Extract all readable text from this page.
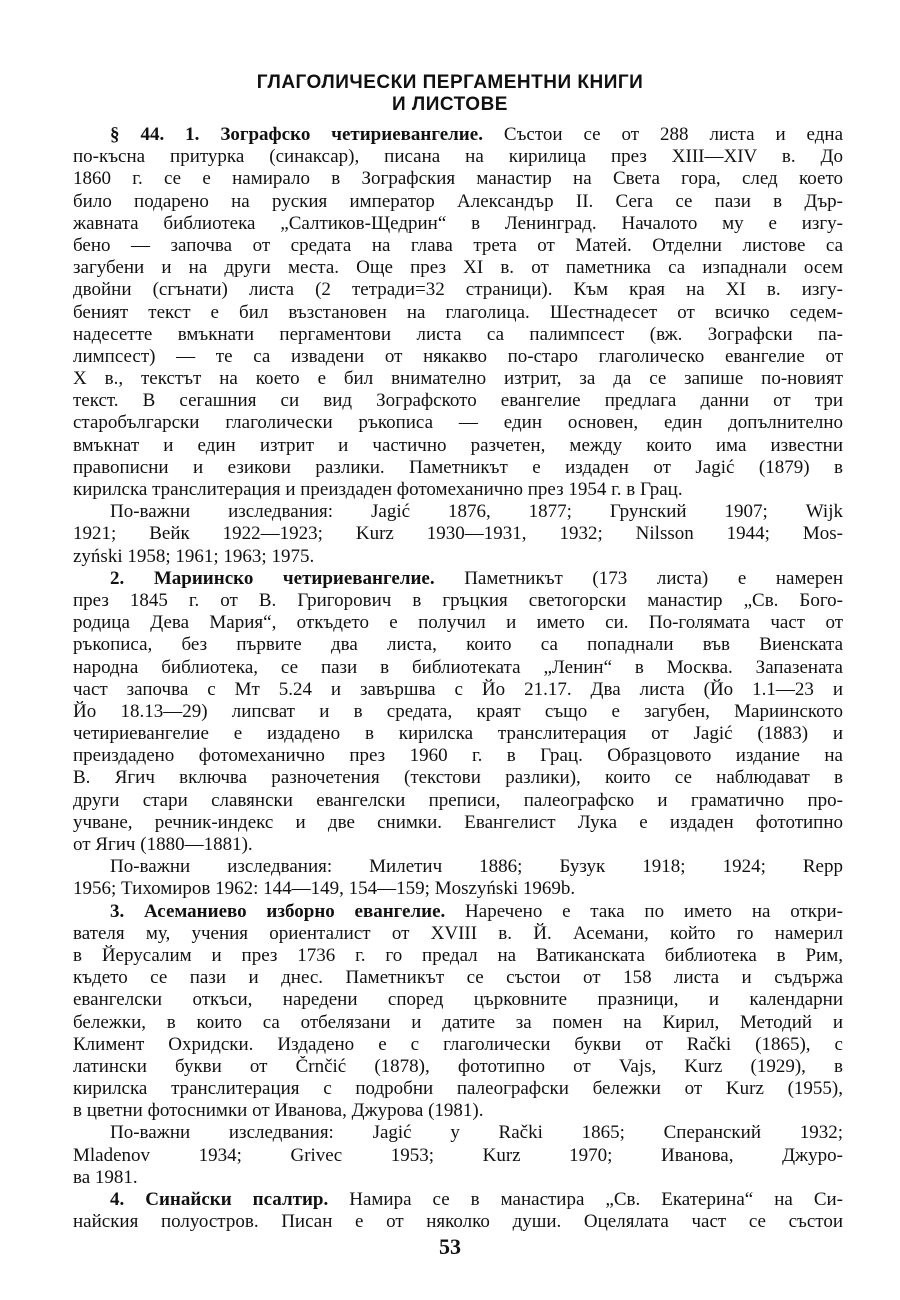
ГЛАГОЛИЧЕСКИ ПЕРГАМЕНТНИ КНИГИ
И ЛИСТОВЕ
§ 44. 1. Зографско четириевангелие. Състои се от 288 листа и една
по-късна притурка (синаксар), писана на кирилица през XIII—XIV в. До
1860 г. се е намирало в Зографския манастир на Света гора, след което
било подарено на руския император Александър II. Сега се пази в Дър-
жавната библиотека „Салтиков-Щедрин“ в Ленинград. Началото му е изгу-
бено — започва от средата на глава трета от Матей. Отделни листове са
загубени и на други места. Още през XI в. от паметника са изпаднали осем
двойни (сгънати) листа (2 тетради=32 страници). Към края на XI в. изгу-
беният текст е бил възстановен на глаголица. Шестнадесет от всичко седем-
надесетте вмъкнати пергаментови листа са палимпсест (вж. Зографски па-
лимпсест) — те са извадени от някакво по-старо глаголическо евангелие от
X в., текстът на което е бил внимателно изтрит, за да се запише по-новият
текст. В сегашния си вид Зографското евангелие предлага данни от три
старобългарски глаголически ръкописа — един основен, един допълнително
вмъкнат и един изтрит и частично разчетен, между които има известни
правописни и езикови разлики. Паметникът е издаден от Jagić (1879) в
кирилска транслитерация и преиздаден фотомеханично през 1954 г. в Грац.
По-важни изследвания: Jagić 1876, 1877; Грунский 1907; Wijk
1921; Вейк 1922—1923; Kurz 1930—1931, 1932; Nilsson 1944; Mos-
zyński 1958; 1961; 1963; 1975.
2. Мариинско четириевангелие. Паметникът (173 листа) е намерен
през 1845 г. от В. Григорович в гръцкия светогорски манастир „Св. Бого-
родица Дева Мария“, откъдето е получил и името си. По-голямата част от
ръкописа, без първите два листа, които са попаднали във Виенската
народна библиотека, се пази в библиотеката „Ленин“ в Москва. Запазената
част започва с Мт 5.24 и завършва с Йо 21.17. Два листа (Йо 1.1—23 и
Йо 18.13—29) липсват и в средата, краят също е загубен, Мариинското
четириевангелие е издадено в кирилска транслитерация от Jagić (1883) и
преиздадено фотомеханично през 1960 г. в Грац. Образцовото издание на
В. Ягич включва разночетения (текстови разлики), които се наблюдават в
други стари славянски евангелски преписи, палеографско и граматично про-
учване, речник-индекс и две снимки. Евангелист Лука е издаден фототипно
от Ягич (1880—1881).
По-важни изследвания: Милетич 1886; Бузук 1918; 1924; Repp
1956; Тихомиров 1962: 144—149, 154—159; Moszyński 1969b.
3. Асеманиево изборно евангелие. Наречено е така по името на откри-
вателя му, учения ориенталист от XVIII в. Й. Асемани, който го намерил
в Йерусалим и през 1736 г. го предал на Ватиканската библиотека в Рим,
където се пази и днес. Паметникът се състои от 158 листа и съдържа
евангелски откъси, наредени според църковните празници, и календарни
бележки, в които са отбелязани и датите за помен на Кирил, Методий и
Климент Охридски. Издадено е с глаголически букви от Rački (1865), с
латински букви от Črnčić (1878), фототипно от Vajs, Kurz (1929), в
кирилска транслитерация с подробни палеографски бележки от Kurz (1955),
в цветни фотоснимки от Иванова, Джурова (1981).
По-важни изследвания: Jagić у Rački 1865; Сперанский 1932;
Mladenov 1934; Grivec 1953; Kurz 1970; Иванова, Джуро-
ва 1981.
4. Синайски псалтир. Намира се в манастира „Св. Екатерина“ на Си-
найския полуостров. Писан е от няколко души. Оцелялата част се състои
53
